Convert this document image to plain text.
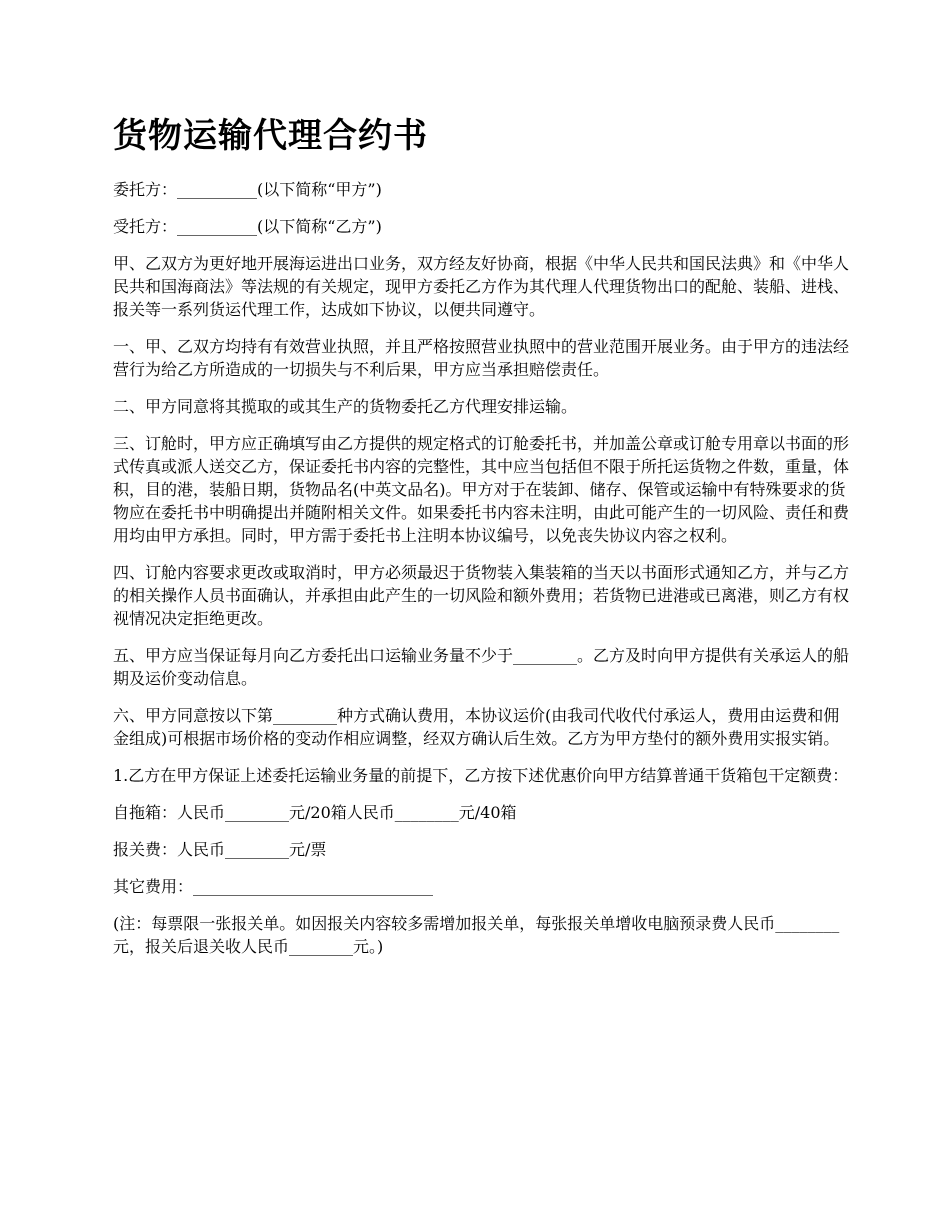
货物运输代理合约书

委托方：__________(以下简称“甲方”)

受托方：__________(以下简称“乙方”)

甲、乙双方为更好地开展海运进出口业务，双方经友好协商，根据《中华人民共和国民法典》和《中华人民共和国海商法》等法规的有关规定，现甲方委托乙方作为其代理人代理货物出口的配舱、装船、进栈、报关等一系列货运代理工作，达成如下协议，以便共同遵守。

一、甲、乙双方均持有有效营业执照，并且严格按照营业执照中的营业范围开展业务。由于甲方的违法经营行为给乙方所造成的一切损失与不利后果，甲方应当承担赔偿责任。

二、甲方同意将其揽取的或其生产的货物委托乙方代理安排运输。

三、订舱时，甲方应正确填写由乙方提供的规定格式的订舱委托书，并加盖公章或订舱专用章以书面的形式传真或派人送交乙方，保证委托书内容的完整性，其中应当包括但不限于所托运货物之件数，重量，体积，目的港，装船日期，货物品名(中英文品名)。甲方对于在装卸、储存、保管或运输中有特殊要求的货物应在委托书中明确提出并随附相关文件。如果委托书内容未注明，由此可能产生的一切风险、责任和费用均由甲方承担。同时，甲方需于委托书上注明本协议编号，以免丧失协议内容之权利。

四、订舱内容要求更改或取消时，甲方必须最迟于货物装入集装箱的当天以书面形式通知乙方，并与乙方的相关操作人员书面确认，并承担由此产生的一切风险和额外费用；若货物已进港或已离港，则乙方有权视情况决定拒绝更改。

五、甲方应当保证每月向乙方委托出口运输业务量不少于________。乙方及时向甲方提供有关承运人的船期及运价变动信息。

六、甲方同意按以下第________种方式确认费用，本协议运价(由我司代收代付承运人，费用由运费和佣金组成)可根据市场价格的变动作相应调整，经双方确认后生效。乙方为甲方垫付的额外费用实报实销。

1.乙方在甲方保证上述委托运输业务量的前提下，乙方按下述优惠价向甲方结算普通干货箱包干定额费：

自拖箱：人民币________元/20箱人民币________元/40箱

报关费：人民币________元/票

其它费用：______________________________

(注：每票限一张报关单。如因报关内容较多需增加报关单，每张报关单增收电脑预录费人民币________元，报关后退关收人民币________元。)
